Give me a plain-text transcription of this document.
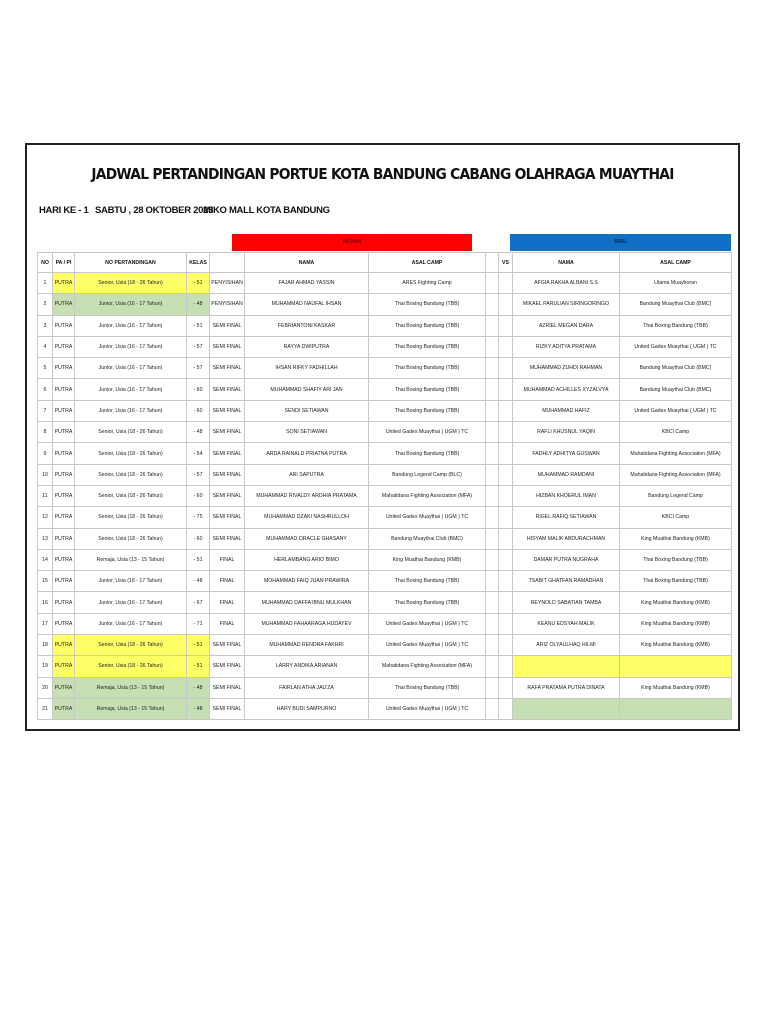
JADWAL PERTANDINGAN PORTUE KOTA BANDUNG CABANG OLAHRAGA MUAYTHAI
HARI KE - 1 SABTU , 28 OKTOBER 2023MIKO MALL KOTA BANDUNG
MERAH	BIRU
NO	PA / PI	NO PERTANDINGAN	KELAS		NAMA	ASAL CAMP		VS	NAMA	ASAL CAMP
1	PUTRA	Senior, Usia (18 - 26 Tahun)	- 51	PENYISIHAN	FAJAR AHMAD YASSIN	ARES Fighting Camp			AFGIA RAKHA ALBANI S.S	Utama Muayboran
2	PUTRA	Junior, Usia (16 - 17 Tahun)	- 48	PENYISIHAN	MUHAMMAD NAUFAL IHSAN	Thai Boxing Bandung (TBB)			MIKAEL PARULIAN SIRINGORINGO	Bandung Muaythai Club (BMC)
3	PUTRA	Junior, Usia (16 - 17 Tahun)	- 51	SEMI FINAL	FEBRIANTONI KASKAR	Thai Boxing Bandung (TBB)			AZRIEL MEGAN DARA	Thai Boxing Bandung (TBB)
4	PUTRA	Junior, Usia (16 - 17 Tahun)	- 57	SEMI FINAL	RAYYA DWIPUTRA	Thai Boxing Bandung (TBB)			RIZKY ADITYA PRATAMA	United Gades Muaythai ( UGM ) TC
5	PUTRA	Junior, Usia (16 - 17 Tahun)	- 57	SEMI FINAL	IHSAN RIFKY FADHILLAH	Thai Boxing Bandung (TBB)			MUHAMMAD ZUHDI RAHMAN	Bandung Muaythai Club (BMC)
6	PUTRA	Junior, Usia (16 - 17 Tahun)	- 60	SEMI FINAL	MUHAMMAD SHAFIY ARI JAN	Thai Boxing Bandung (TBB)			MUHAMMAD ACHILLES XYZALVYA	Bandung Muaythai Club (BMC)
7	PUTRA	Junior, Usia (16 - 17 Tahun)	- 60	SEMI FINAL	SENDI SETIAWAN	Thai Boxing Bandung (TBB)			MUHAMMAD HAFIZ	United Gades Muaythai ( UGM ) TC
8	PUTRA	Senior, Usia (18 - 26 Tahun)	- 48	SEMI FINAL	SONI SETIAWAN	United Gades Muaythai ( UGM ) TC			RAFLI KHUSNUL YAQIN	KBCI Camp
9	PUTRA	Senior, Usia (18 - 26 Tahun)	- 54	SEMI FINAL	ARDA RAINALD PRIATNA PUTRA	Thai Boxing Bandung (TBB)			FADHLY ADHITYA GUSWAN	Mahatidana Fighting Association (MFA)
10	PUTRA	Senior, Usia (18 - 26 Tahun)	- 57	SEMI FINAL	ARI SAPUTRA	Bandung Legend Camp (BLC)			MUHAMMAD RAMDANI	Mahatidana Fighting Association (MFA)
11	PUTRA	Senior, Usia (18 - 26 Tahun)	- 60	SEMI FINAL	MUHAMMAD RIVALDY ARDHIA PRATAMA	Mahatidana Fighting Association (MFA)			HIZBAN KHOERUL IMAN	Bandung Legend Camp
12	PUTRA	Senior, Usia (18 - 26 Tahun)	- 75	SEMI FINAL	MUHAMMAD DZAKI NASHRULLOH	United Gades Muaythai ( UGM ) TC			RIGEL RAFIQ SETIAWAN	KBCI Camp
13	PUTRA	Senior, Usia (18 - 26 Tahun)	- 60	SEMI FINAL	MUHAMMAD ORACLE GHASANY	Bandung Muaythai Club (BMC)			HISYAM MALIK ABDURACHMAN	King Muathai Bandung (KMB)
14	PUTRA	Remaja, Usia (13 - 15 Tahun)	- 51	FINAL	HERLAMBANG ARIO BIMO	King Muathai Bandung (KMB)			DAMAR PUTRA NUGRAHA	Thai Boxing Bandung (TBB)
15	PUTRA	Junior, Usia (16 - 17 Tahun)	- 48	FINAL	MOHAMMAD FAIQ JUAN PRAWIRA	Thai Boxing Bandung (TBB)			TSABIT GHATFAN RAMADHAN	Thai Boxing Bandung (TBB)
16	PUTRA	Junior, Usia (16 - 17 Tahun)	- 67	FINAL	MUHAMMAD DAFFA IBNU MULKHAN	Thai Boxing Bandung (TBB)			REYNOLD SABATIAN TAMBA	King Muathai Bandung (KMB)
17	PUTRA	Junior, Usia (16 - 17 Tahun)	- 71	FINAL	MUHAMMAD FAHAARAGA HUDAYEV	United Gades Muaythai ( UGM ) TC			KEANU EDSYAH MALIK	King Muathai Bandung (KMB)
18	PUTRA	Senior, Usia (18 - 26 Tahun)	- 51	SEMI FINAL	MUHAMMAD RENDRA FAKHRI	United Gades Muaythai ( UGM ) TC			ARIZ OLYAULHAQ HILMI	King Muathai Bandung (KMB)
19	PUTRA	Senior, Usia (18 - 26 Tahun)	- 51	SEMI FINAL	LARRY ANDIKA ARIANAN	Mahatidana Fighting Association (MFA)				
20	PUTRA	Remaja, Usia (13 - 15 Tahun)	- 48	SEMI FINAL	FAIRLAN ATHA JAU'ZA	Thai Boxing Bandung (TBB)			RAFA PRATAMA PUTRA DINATA	King Muathai Bandung (KMB)
21	PUTRA	Remaja, Usia (13 - 15 Tahun)	- 48	SEMI FINAL	HARY BUDI SAMPURNO	United Gades Muaythai ( UGM ) TC				
